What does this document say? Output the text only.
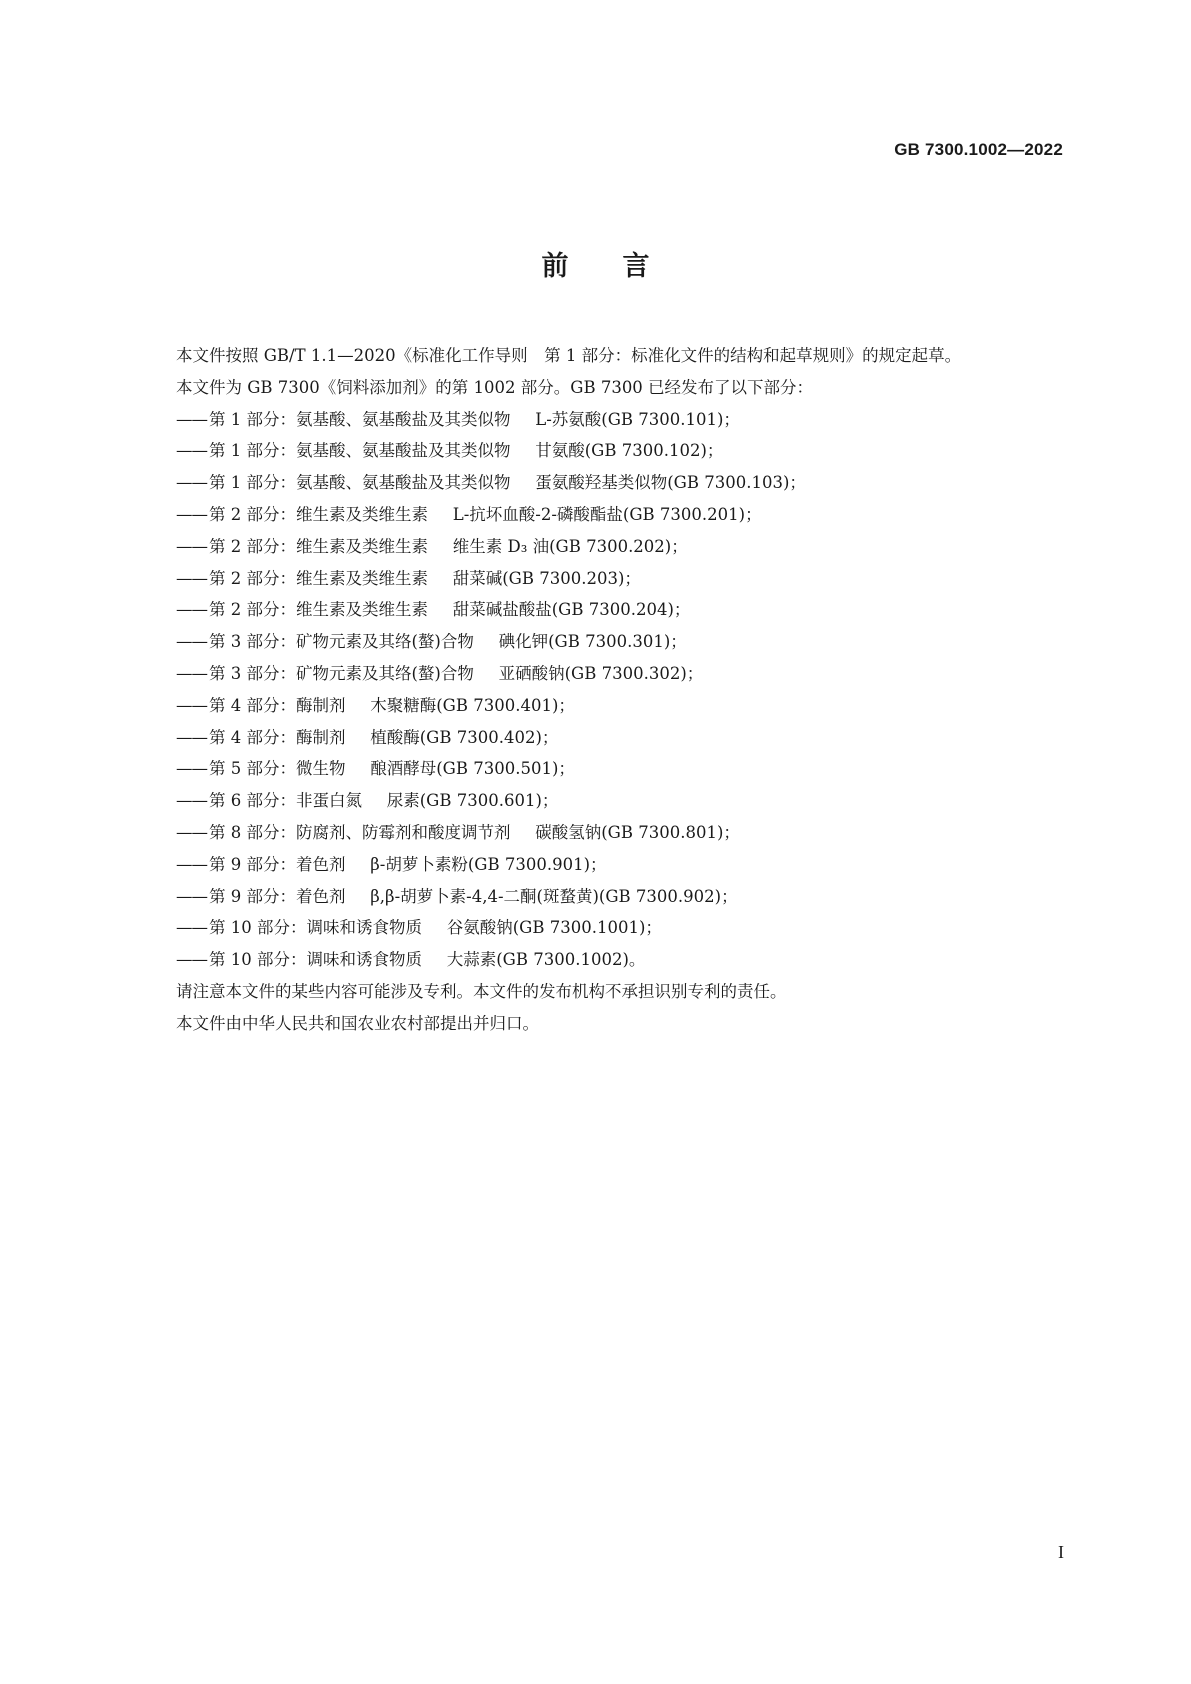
GB 7300.1002—2022
前言

本文件按照 GB/T 1.1—2020《标准化工作导则　第 1 部分：标准化文件的结构和起草规则》的规定起草。

本文件为 GB 7300《饲料添加剂》的第 1002 部分。GB 7300 已经发布了以下部分：

—— 第 1 部分：氨基酸、氨基酸盐及其类似物 L-苏氨酸(GB 7300.101)；
—— 第 1 部分：氨基酸、氨基酸盐及其类似物 甘氨酸(GB 7300.102)；
—— 第 1 部分：氨基酸、氨基酸盐及其类似物 蛋氨酸羟基类似物(GB 7300.103)；
—— 第 2 部分：维生素及类维生素 L-抗坏血酸-2-磷酸酯盐(GB 7300.201)；
—— 第 2 部分：维生素及类维生素 维生素 D₃ 油(GB 7300.202)；
—— 第 2 部分：维生素及类维生素 甜菜碱(GB 7300.203)；
—— 第 2 部分：维生素及类维生素 甜菜碱盐酸盐(GB 7300.204)；
—— 第 3 部分：矿物元素及其络(螯)合物 碘化钾(GB 7300.301)；
—— 第 3 部分：矿物元素及其络(螯)合物 亚硒酸钠(GB 7300.302)；
—— 第 4 部分：酶制剂 木聚糖酶(GB 7300.401)；
—— 第 4 部分：酶制剂 植酸酶(GB 7300.402)；
—— 第 5 部分：微生物 酿酒酵母(GB 7300.501)；
—— 第 6 部分：非蛋白氮 尿素(GB 7300.601)；
—— 第 8 部分：防腐剂、防霉剂和酸度调节剂 碳酸氢钠(GB 7300.801)；
—— 第 9 部分：着色剂 β-胡萝卜素粉(GB 7300.901)；
—— 第 9 部分：着色剂 β,β-胡萝卜素-4,4-二酮(斑蝥黄)(GB 7300.902)；
—— 第 10 部分：调味和诱食物质 谷氨酸钠(GB 7300.1001)；
—— 第 10 部分：调味和诱食物质 大蒜素(GB 7300.1002)。

请注意本文件的某些内容可能涉及专利。本文件的发布机构不承担识别专利的责任。

本文件由中华人民共和国农业农村部提出并归口。

I
